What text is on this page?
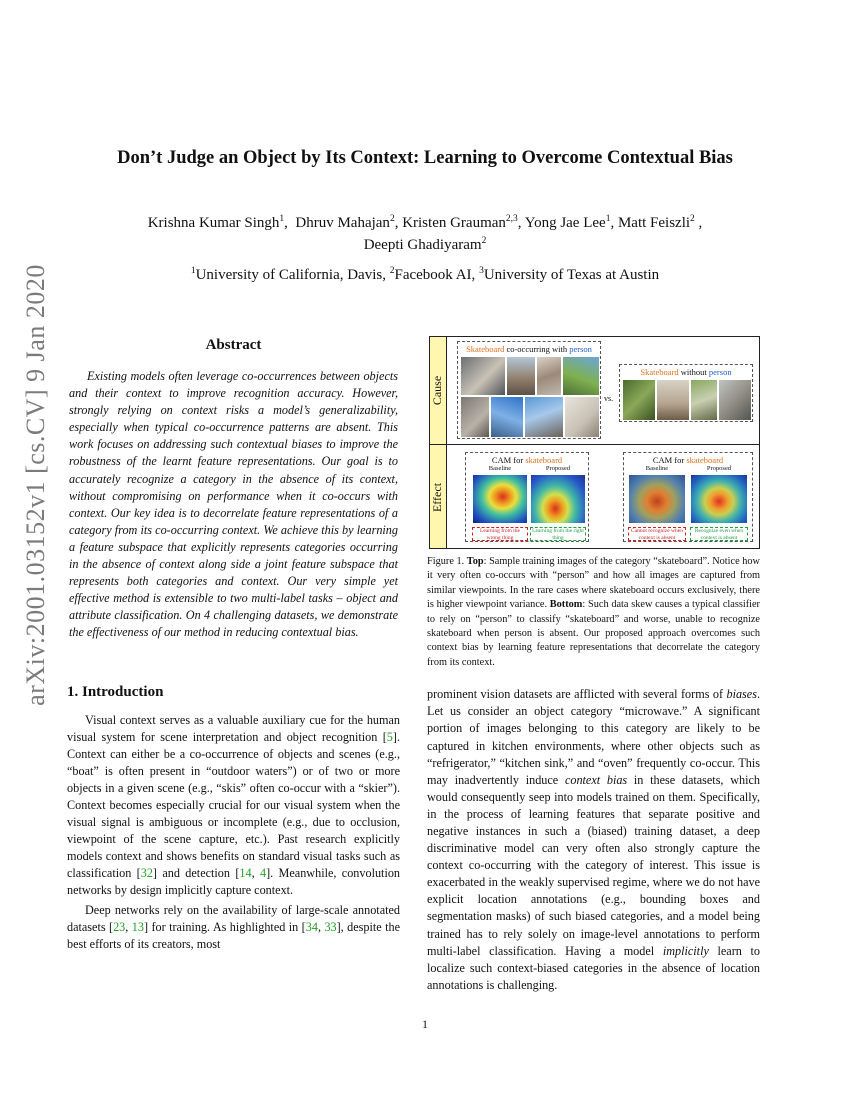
arXiv:2001.03152v1 [cs.CV] 9 Jan 2020
Don’t Judge an Object by Its Context: Learning to Overcome Contextual Bias
Krishna Kumar Singh$^1$,  Dhruv Mahajan$^2$, Kristen Grauman$^{2,3}$, Yong Jae Lee$^1$, Matt Feiszli$^2$ ,
Deepti Ghadiyaram$^2$
$^1$University of California, Davis, $^2$Facebook AI, $^3$University of Texas at Austin
Abstract
Existing models often leverage co-occurrences between objects and their context to improve recognition accuracy. However, strongly relying on context risks a model’s generalizability, especially when typical co-occurrence patterns are absent. This work focuses on addressing such contextual biases to improve the robustness of the learnt feature representations. Our goal is to accurately recognize a category in the absence of its context, without compromising on performance when it co-occurs with context. Our key idea is to decorrelate feature representations of a category from its co-occurring context. We achieve this by learning a feature subspace that explicitly represents categories occurring in the absence of context along side a joint feature subspace that represents both categories and context. Our very simple yet effective method is extensible to two multi-label tasks – object and attribute classification. On 4 challenging datasets, we demonstrate the effectiveness of our method in reducing contextual bias.
1. Introduction
Visual context serves as a valuable auxiliary cue for the human visual system for scene interpretation and object recognition [5]. Context can either be a co-occurrence of objects and scenes (e.g., “boat” is often present in “outdoor waters”) or of two or more objects in a given scene (e.g., “skis” often co-occur with a “skier”). Context becomes especially crucial for our visual system when the visual signal is ambiguous or incomplete (e.g., due to occlusion, viewpoint of the scene capture, etc.). Past research explicitly models context and shows benefits on standard visual tasks such as classification [32] and detection [14, 4]. Meanwhile, convolution networks by design implicitly capture context.
Deep networks rely on the availability of large-scale annotated datasets [23, 13] for training. As highlighted in [34, 33], despite the best efforts of its creators, most
Cause
Effect
Skateboard co-occurring with person
vs.
Skateboard without person
CAM for skateboard
Baseline	Proposed
Learning from the wrong thing
Learning from the right thing
CAM for skateboard
Baseline	Proposed
Cannot recognize when context is absent
Recognize even when context is absent
Figure 1. Top: Sample training images of the category “skateboard”. Notice how it very often co-occurs with “person” and how all images are captured from similar viewpoints. In the rare cases where skateboard occurs exclusively, there is higher viewpoint variance. Bottom: Such data skew causes a typical classifier to rely on “person” to classify “skateboard” and worse, unable to recognize skateboard when person is absent. Our proposed approach overcomes such context bias by learning feature representations that decorrelate the category from its context.
prominent vision datasets are afflicted with several forms of biases. Let us consider an object category “microwave.” A significant portion of images belonging to this category are likely to be captured in kitchen environments, where other objects such as “refrigerator,” “kitchen sink,” and “oven” frequently co-occur. This may inadvertently induce context bias in these datasets, which would consequently seep into models trained on them. Specifically, in the process of learning features that separate positive and negative instances in such a (biased) training dataset, a deep discriminative model can very often also strongly capture the context co-occurring with the category of interest. This issue is exacerbated in the weakly supervised regime, where we do not have explicit location annotations (e.g., bounding boxes and segmentation masks) of such biased categories, and a model being trained has to rely solely on image-level annotations to perform multi-label classification. Having a model implicitly learn to localize such context-biased categories in the absence of location annotations is challenging.
1
